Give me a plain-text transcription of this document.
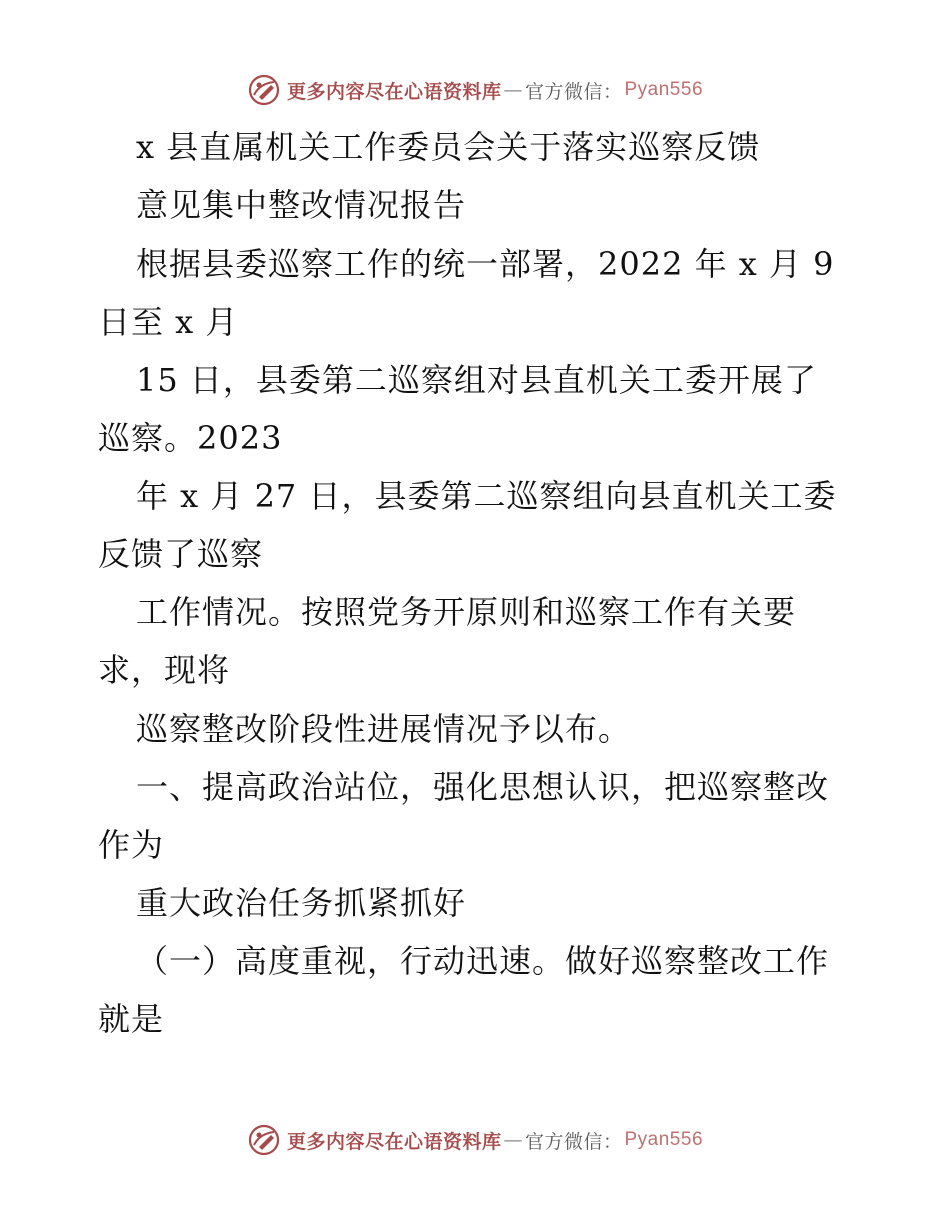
更多内容尽在心语资料库 — 官方微信： Pyan556
x 县直属机关工作委员会关于落实巡察反馈
意见集中整改情况报告
根据县委巡察工作的统一部署，2022 年 x 月 9
日至 x 月
15 日，县委第二巡察组对县直机关工委开展了
巡察。2023
年 x 月 27 日，县委第二巡察组向县直机关工委
反馈了巡察
工作情况。按照党务开原则和巡察工作有关要
求，现将
巡察整改阶段性进展情况予以布。
一、提高政治站位，强化思想认识，把巡察整改
作为
重大政治任务抓紧抓好
（一）高度重视，行动迅速。做好巡察整改工作
就是
更多内容尽在心语资料库 — 官方微信： Pyan556
